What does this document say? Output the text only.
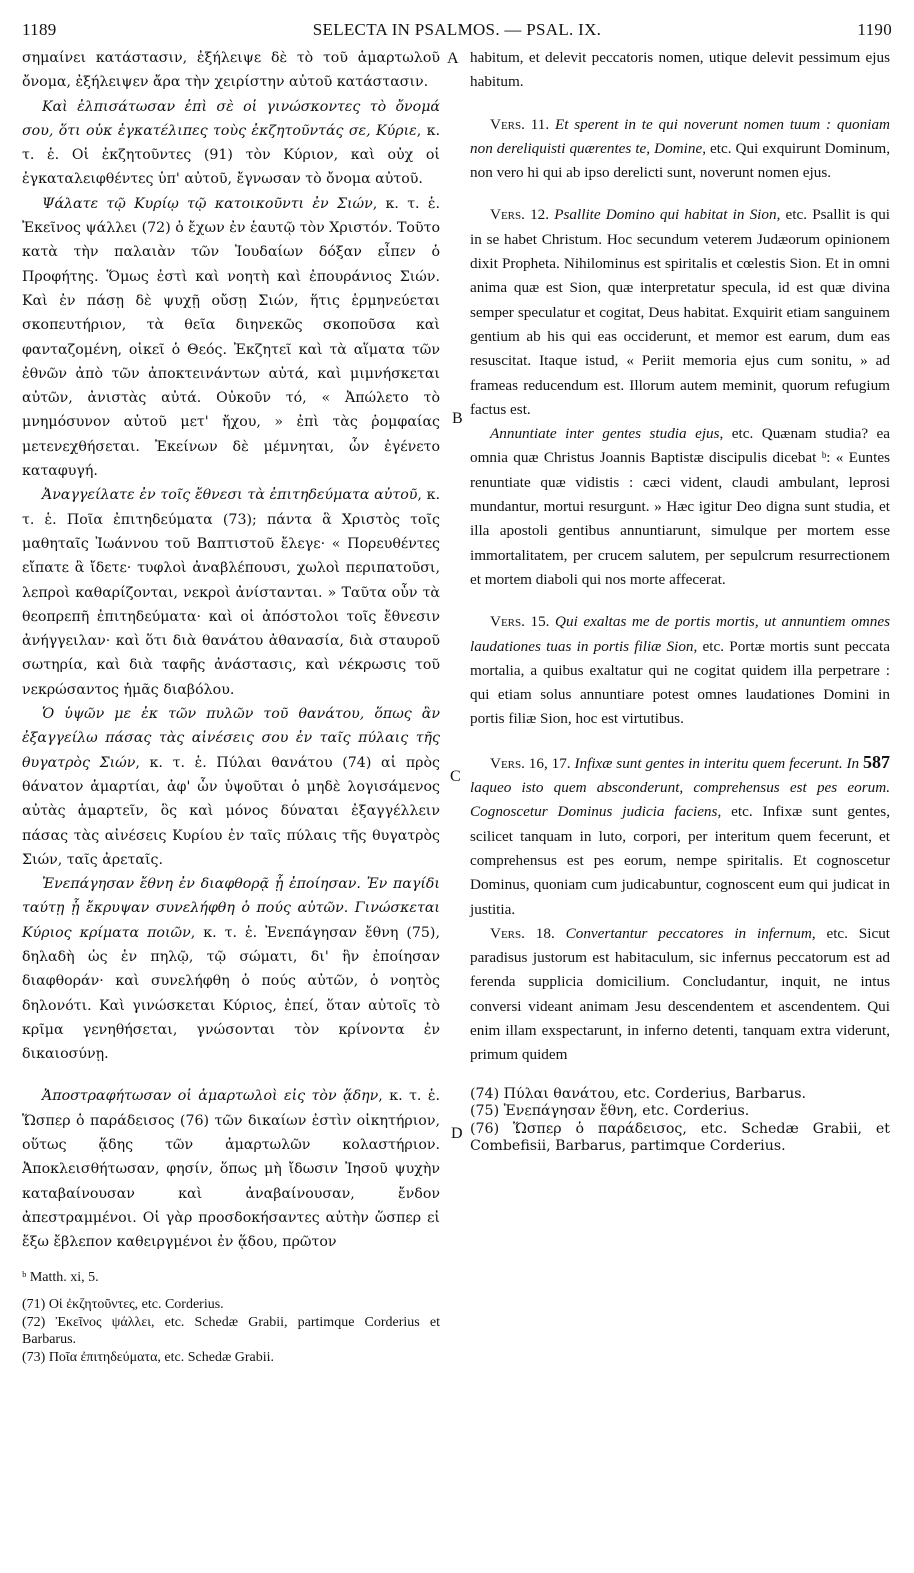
1189	SELECTA IN PSALMOS. — PSAL. IX.	1190
A
B
C
D

σημαίνει κατάστασιν, ἐξήλειψε δὲ τὸ τοῦ ἁμαρτωλοῦ ὄνομα, ἐξήλειψεν ἄρα τὴν χειρίστην αὐτοῦ κατάστασιν.

Καὶ ἐλπισάτωσαν ἐπὶ σὲ οἱ γινώσκοντες τὸ ὄνομά σου, ὅτι οὐκ ἐγκατέλιπες τοὺς ἐκζητοῦντάς σε, Κύριε, κ. τ. ἑ. Οἱ ἐκζητοῦντες (91) τὸν Κύριον, καὶ οὐχ οἱ ἐγκαταλειφθέντες ὑπ' αὐτοῦ, ἔγνωσαν τὸ ὄνομα αὐτοῦ.

Ψάλατε τῷ Κυρίῳ τῷ κατοικοῦντι ἐν Σιών, κ. τ. ἑ. Ἐκεῖνος ψάλλει (72) ὁ ἔχων ἐν ἑαυτῷ τὸν Χριστόν. Τοῦτο κατὰ τὴν παλαιὰν τῶν Ἰουδαίων δόξαν εἶπεν ὁ Προφήτης. Ὅμως ἐστὶ καὶ νοητὴ καὶ ἐπουράνιος Σιών. Καὶ ἐν πάσῃ δὲ ψυχῇ οὔσῃ Σιών, ἥτις ἑρμηνεύεται σκοπευτήριον, τὰ θεῖα διηνεκῶς σκοποῦσα καὶ φανταζομένη, οἰκεῖ ὁ Θεός. Ἐκζητεῖ καὶ τὰ αἵματα τῶν ἐθνῶν ἀπὸ τῶν ἀποκτεινάντων αὐτά, καὶ μιμνήσκεται αὐτῶν, ἀνιστὰς αὐτά. Οὐκοῦν τό, « Ἀπώλετο τὸ μνημόσυνον αὐτοῦ μετ' ἤχου, » ἐπὶ τὰς ῥομφαίας μετενεχθήσεται. Ἐκείνων δὲ μέμνηται, ὧν ἐγένετο καταφυγή.

Ἀναγγείλατε ἐν τοῖς ἔθνεσι τὰ ἐπιτηδεύματα αὐτοῦ, κ. τ. ἑ. Ποῖα ἐπιτηδεύματα (73); πάντα ἃ Χριστὸς τοῖς μαθηταῖς Ἰωάννου τοῦ Βαπτιστοῦ ἔλεγε· « Πορευθέντες εἴπατε ἃ ἴδετε· τυφλοὶ ἀναβλέπουσι, χωλοὶ περιπατοῦσι, λεπροὶ καθαρίζονται, νεκροὶ ἀνίστανται. » Ταῦτα οὖν τὰ θεοπρεπῆ ἐπιτηδεύματα· καὶ οἱ ἀπόστολοι τοῖς ἔθνεσιν ἀνήγγειλαν· καὶ ὅτι διὰ θανάτου ἀθανασία, διὰ σταυροῦ σωτηρία, καὶ διὰ ταφῆς ἀνάστασις, καὶ νέκρωσις τοῦ νεκρώσαντος ἡμᾶς διαβόλου.

Ὁ ὑψῶν με ἐκ τῶν πυλῶν τοῦ θανάτου, ὅπως ἂν ἐξαγγείλω πάσας τὰς αἰνέσεις σου ἐν ταῖς πύλαις τῆς θυγατρὸς Σιών, κ. τ. ἑ. Πύλαι θανάτου (74) αἱ πρὸς θάνατον ἁμαρτίαι, ἀφ' ὧν ὑψοῦται ὁ μηδὲ λογισάμενος αὐτὰς ἁμαρτεῖν, ὃς καὶ μόνος δύναται ἐξαγγέλλειν πάσας τὰς αἰνέσεις Κυρίου ἐν ταῖς πύλαις τῆς θυγατρὸς Σιών, ταῖς ἀρεταῖς.

Ἐνεπάγησαν ἔθνη ἐν διαφθορᾷ ᾗ ἐποίησαν. Ἐν παγίδι ταύτῃ ᾗ ἔκρυψαν συνελήφθη ὁ πούς αὐτῶν. Γινώσκεται Κύριος κρίματα ποιῶν, κ. τ. ἑ. Ἐνεπάγησαν ἔθνη (75), δηλαδὴ ὡς ἐν πηλῷ, τῷ σώματι, δι' ἣν ἐποίησαν διαφθοράν· καὶ συνελήφθη ὁ πούς αὐτῶν, ὁ νοητὸς δηλονότι. Καὶ γινώσκεται Κύριος, ἐπεί, ὅταν αὐτοῖς τὸ κρῖμα γενηθήσεται, γνώσονται τὸν κρίνοντα ἐν δικαιοσύνῃ.

Ἀποστραφήτωσαν οἱ ἁμαρτωλοὶ εἰς τὸν ᾅδην, κ. τ. ἑ. Ὥσπερ ὁ παράδεισος (76) τῶν δικαίων ἐστὶν οἰκητήριον, οὕτως ᾅδης τῶν ἁμαρτωλῶν κολαστήριον. Ἀποκλεισθήτωσαν, φησίν, ὅπως μὴ ἴδωσιν Ἰησοῦ ψυχὴν καταβαίνουσαν καὶ ἀναβαίνουσαν, ἔνδον ἀπεστραμμένοι. Οἱ γὰρ προσδοκήσαντες αὐτὴν ὥσπερ εἰ ἔξω ἔβλεπον καθειργμένοι ἐν ᾅδου, πρῶτον

ᵇ Matth. xi, 5.

(71) Οἱ ἐκζητοῦντες, etc. Corderius.

(72) Ἐκεῖνος ψάλλει, etc. Schedæ Grabii, partimque Corderius et Barbarus.

(73) Ποῖα ἐπιτηδεύματα, etc. Schedæ Grabii.

habitum, et delevit peccatoris nomen, utique delevit pessimum ejus habitum.

Vers. 11. Et sperent in te qui noverunt nomen tuum : quoniam non dereliquisti quærentes te, Domine, etc. Qui exquirunt Dominum, non vero hi qui ab ipso derelicti sunt, noverunt nomen ejus.

Vers. 12. Psallite Domino qui habitat in Sion, etc. Psallit is qui in se habet Christum. Hoc secundum veterem Judæorum opinionem dixit Propheta. Nihilominus est spiritalis et cœlestis Sion. Et in omni anima quæ est Sion, quæ interpretatur specula, id est quæ divina semper speculatur et cogitat, Deus habitat. Exquirit etiam sanguinem gentium ab his qui eas occiderunt, et memor est earum, dum eas resuscitat. Itaque istud, « Periit memoria ejus cum sonitu, » ad frameas reducendum est. Illorum autem meminit, quorum refugium factus est.

Annuntiate inter gentes studia ejus, etc. Quænam studia? ea omnia quæ Christus Joannis Baptistæ discipulis dicebat ᵇ: « Euntes renuntiate quæ vidistis : cæci vident, claudi ambulant, leprosi mundantur, mortui resurgunt. » Hæc igitur Deo digna sunt studia, et illa apostoli gentibus annuntiarunt, simulque per mortem esse immortalitatem, per crucem salutem, per sepulcrum resurrectionem et mortem diaboli qui nos morte affecerat.

Vers. 15. Qui exaltas me de portis mortis, ut annuntiem omnes laudationes tuas in portis filiæ Sion, etc. Portæ mortis sunt peccata mortalia, a quibus exaltatur qui ne cogitat quidem illa perpetrare : qui etiam solus annuntiare potest omnes laudationes Domini in portis filiæ Sion, hoc est virtutibus.

Vers. 16, 17. Infixæ sunt gentes in interitu quem fecerunt. In 587 laqueo isto quem absconderunt, comprehensus est pes eorum. Cognoscetur Dominus judicia faciens, etc. Infixæ sunt gentes, scilicet tanquam in luto, corpori, per interitum quem fecerunt, et comprehensus est pes eorum, nempe spiritalis. Et cognoscetur Dominus, quoniam cum judicabuntur, cognoscent eum qui judicat in justitia.

Vers. 18. Convertantur peccatores in infernum, etc. Sicut paradisus justorum est habitaculum, sic infernus peccatorum est ad ferenda supplicia domicilium. Concludantur, inquit, ne intus conversi videant animam Jesu descendentem et ascendentem. Qui enim illam exspectarunt, in inferno detenti, tanquam extra viderunt, primum quidem

(74) Πύλαι θανάτου, etc. Corderius, Barbarus.

(75) Ἐνεπάγησαν ἔθνη, etc. Corderius.

(76) Ὥσπερ ὁ παράδεισος, etc. Schedæ Grabii, et Combefisii, Barbarus, partimque Corderius.
